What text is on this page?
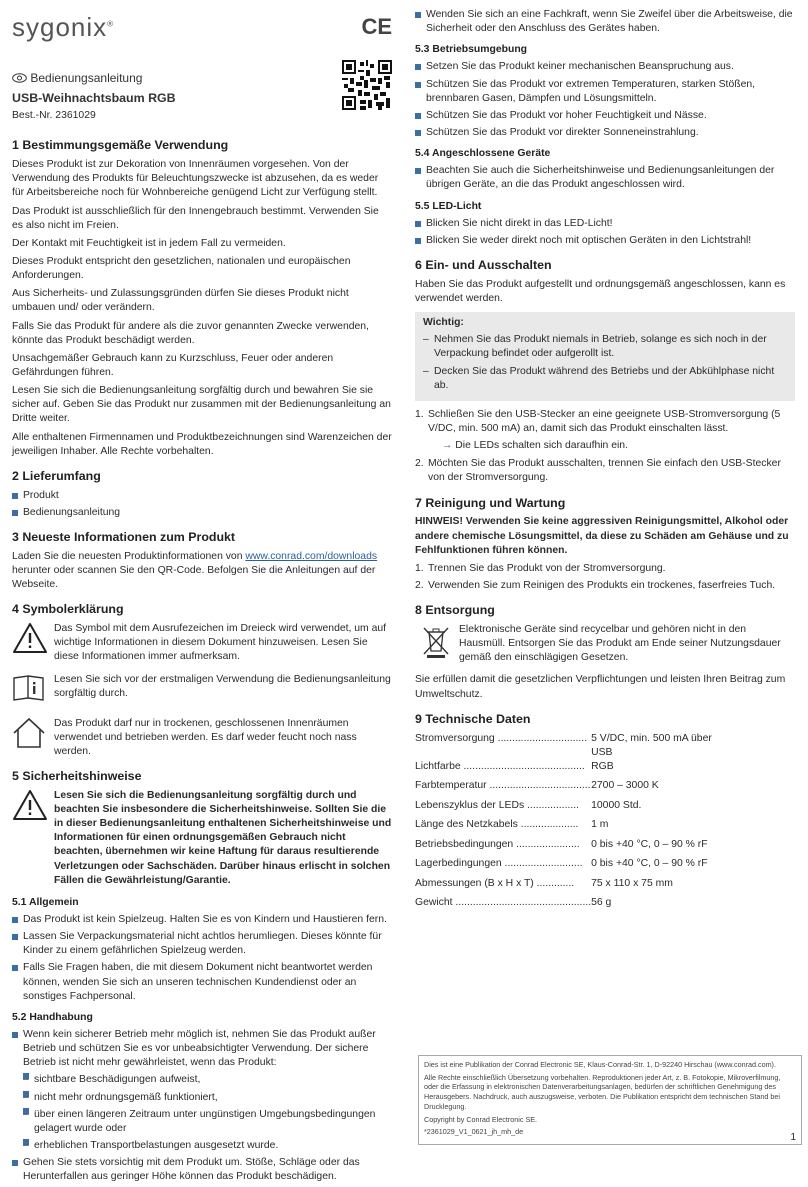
sygonix®	CE
Bedienungsanleitung
USB-Weihnachtsbaum RGB
Best.-Nr. 2361029
1 Bestimmungsgemäße Verwendung

Dieses Produkt ist zur Dekoration von Innenräumen vorgesehen. Von der Verwendung des Produkts für Beleuchtungszwecke ist abzusehen, da es weder für Arbeitsbereiche noch für Wohnbereiche genügend Licht zur Verfügung stellt.

Das Produkt ist ausschließlich für den Innengebrauch bestimmt. Verwenden Sie es also nicht im Freien.

Der Kontakt mit Feuchtigkeit ist in jedem Fall zu vermeiden.

Dieses Produkt entspricht den gesetzlichen, nationalen und europäischen Anforderungen.

Aus Sicherheits- und Zulassungsgründen dürfen Sie dieses Produkt nicht umbauen und/ oder verändern.

Falls Sie das Produkt für andere als die zuvor genannten Zwecke verwenden, könnte das Produkt beschädigt werden.

Unsachgemäßer Gebrauch kann zu Kurzschluss, Feuer oder anderen Gefährdungen führen.

Lesen Sie sich die Bedienungsanleitung sorgfältig durch und bewahren Sie sie sicher auf. Geben Sie das Produkt nur zusammen mit der Bedienungsanleitung an Dritte weiter.

Alle enthaltenen Firmennamen und Produktbezeichnungen sind Warenzeichen der jeweiligen Inhaber. Alle Rechte vorbehalten.

2 Lieferumfang
Produkt
Bedienungsanleitung
3 Neueste Informationen zum Produkt

Laden Sie die neuesten Produktinformationen von www.conrad.com/downloads herunter oder scannen Sie den QR-Code. Befolgen Sie die Anleitungen auf der Webseite.

4 Symbolerklärung
Das Symbol mit dem Ausrufezeichen im Dreieck wird verwendet, um auf wichtige Informationen in diesem Dokument hinzuweisen. Lesen Sie diese Informationen immer aufmerksam.
Lesen Sie sich vor der erstmaligen Verwendung die Bedienungsanleitung sorgfältig durch.
Das Produkt darf nur in trockenen, geschlossenen Innenräumen verwendet und betrieben werden. Es darf weder feucht noch nass werden.
5 Sicherheitshinweise
Lesen Sie sich die Bedienungsanleitung sorgfältig durch und beachten Sie insbesondere die Sicherheitshinweise. Sollten Sie die in dieser Bedienungsanleitung enthaltenen Sicherheitshinweise und Informationen für einen ordnungsgemäßen Gebrauch nicht beachten, übernehmen wir keine Haftung für daraus resultierende Verletzungen oder Sachschäden. Darüber hinaus erlischt in solchen Fällen die Gewährleistung/Garantie.
5.1 Allgemein
Das Produkt ist kein Spielzeug. Halten Sie es von Kindern und Haustieren fern.
Lassen Sie Verpackungsmaterial nicht achtlos herumliegen. Dieses könnte für Kinder zu einem gefährlichen Spielzeug werden.
Falls Sie Fragen haben, die mit diesem Dokument nicht beantwortet werden können, wenden Sie sich an unseren technischen Kundendienst oder an sonstiges Fachpersonal.
5.2 Handhabung
Wenn kein sicherer Betrieb mehr möglich ist, nehmen Sie das Produkt außer Betrieb und schützen Sie es vor unbeabsichtigter Verwendung. Der sichere Betrieb ist nicht mehr gewährleistet, wenn das Produkt:
– sichtbare Beschädigungen aufweist,
– nicht mehr ordnungsgemäß funktioniert,
– über einen längeren Zeitraum unter ungünstigen Umgebungsbedingungen gelagert wurde oder
– erheblichen Transportbelastungen ausgesetzt wurde.
Gehen Sie stets vorsichtig mit dem Produkt um. Stöße, Schläge oder das Herunterfallen aus geringer Höhe können das Produkt beschädigen.
Wenden Sie sich an eine Fachkraft, wenn Sie Zweifel über die Arbeitsweise, die Sicherheit oder den Anschluss des Gerätes haben.
5.3 Betriebsumgebung
Setzen Sie das Produkt keiner mechanischen Beanspruchung aus.
Schützen Sie das Produkt vor extremen Temperaturen, starken Stößen, brennbaren Gasen, Dämpfen und Lösungsmitteln.
Schützen Sie das Produkt vor hoher Feuchtigkeit und Nässe.
Schützen Sie das Produkt vor direkter Sonneneinstrahlung.
5.4 Angeschlossene Geräte
Beachten Sie auch die Sicherheitshinweise und Bedienungsanleitungen der übrigen Geräte, an die das Produkt angeschlossen wird.
5.5 LED-Licht
Blicken Sie nicht direkt in das LED-Licht!
Blicken Sie weder direkt noch mit optischen Geräten in den Lichtstrahl!
6 Ein- und Ausschalten

Haben Sie das Produkt aufgestellt und ordnungsgemäß angeschlossen, kann es verwendet werden.

Wichtig:
– Nehmen Sie das Produkt niemals in Betrieb, solange es sich noch in der Verpackung befindet oder aufgerollt ist.
– Decken Sie das Produkt während des Betriebs und der Abkühlphase nicht ab.
1. Schließen Sie den USB-Stecker an eine geeignete USB-Stromversorgung (5 V/DC, min. 500 mA) an, damit sich das Produkt einschalten lässt.
→ Die LEDs schalten sich daraufhin ein.
2. Möchten Sie das Produkt ausschalten, trennen Sie einfach den USB-Stecker von der Stromversorgung.
7 Reinigung und Wartung

HINWEIS! Verwenden Sie keine aggressiven Reinigungsmittel, Alkohol oder andere chemische Lösungsmittel, da diese zu Schäden am Gehäuse und zu Fehlfunktionen führen können.

1. Trennen Sie das Produkt von der Stromversorgung.
2. Verwenden Sie zum Reinigen des Produkts ein trockenes, faserfreies Tuch.
8 Entsorgung
Elektronische Geräte sind recycelbar und gehören nicht in den Hausmüll. Entsorgen Sie das Produkt am Ende seiner Nutzungsdauer gemäß den einschlägigen Gesetzen.

Sie erfüllen damit die gesetzlichen Verpflichtungen und leisten Ihren Beitrag zum Umweltschutz.

9 Technische Daten
Stromversorgung ...............................	5 V/DC, min. 500 mA über USB
Lichtfarbe ..........................................	RGB
Farbtemperatur ...................................	2700 – 3000 K
Lebenszyklus der LEDs ..................	10000 Std.
Länge des Netzkabels ....................	1 m
Betriebsbedingungen ......................	0 bis +40 °C, 0 – 90 % rF
Lagerbedingungen ...........................	0 bis +40 °C, 0 – 90 % rF
Abmessungen (B x H x T) .............	75 x 110 x 75 mm
Gewicht ...............................................	56 g

Dies ist eine Publikation der Conrad Electronic SE, Klaus-Conrad-Str. 1, D-92240 Hirschau (www.conrad.com).

Alle Rechte einschließlich Übersetzung vorbehalten. Reproduktionen jeder Art, z. B. Fotokopie, Mikroverfilmung, oder die Erfassung in elektronischen Datenverarbeitungsanlagen, bedürfen der schriftlichen Genehmigung des Herausgebers. Nachdruck, auch auszugsweise, verboten. Die Publikation entspricht dem technischen Stand bei Drucklegung.

Copyright by Conrad Electronic SE.

*2361029_V1_0621_jh_mh_de

1
